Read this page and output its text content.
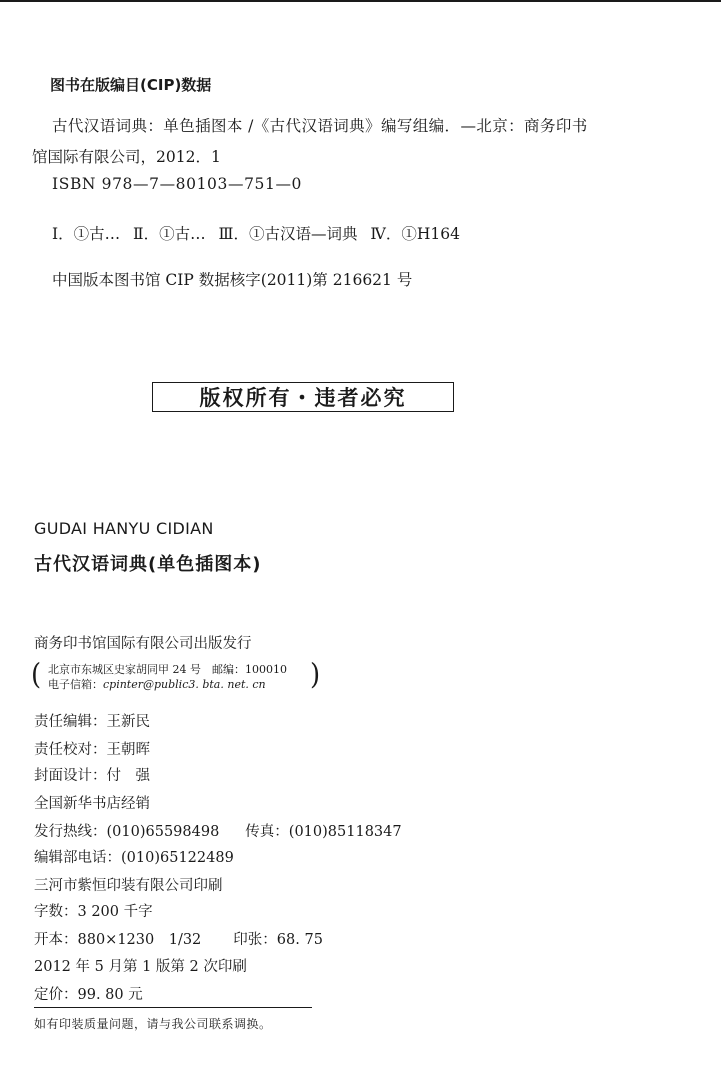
图书在版编目(CIP)数据
古代汉语词典：单色插图本 /《古代汉语词典》编写组编．—北京：商务印书
馆国际有限公司，2012．1
ISBN 978—7—80103—751—0
Ⅰ．①古… Ⅱ．①古… Ⅲ．①古汉语—词典 Ⅳ．①H164
中国版本图书馆 CIP 数据核字(2011)第 216621 号
版权所有・违者必究
GUDAI HANYU CIDIAN
古代汉语词典(单色插图本)
商务印书馆国际有限公司出版发行
( 北京市东城区史家胡同甲 24 号　邮编：100010
电子信箱：cpinter@public3. bta. net. cn )
责任编辑：王新民
责任校对：王朝晖
封面设计：付　强
全国新华书店经销
发行热线：(010)65598498 传真：(010)85118347
编辑部电话：(010)65122489
三河市紫恒印装有限公司印刷
字数：3 200 千字
开本：880×1230　1/32 印张：68. 75
2012 年 5 月第 1 版第 2 次印刷
定价：99. 80 元
如有印装质量问题，请与我公司联系调换。
